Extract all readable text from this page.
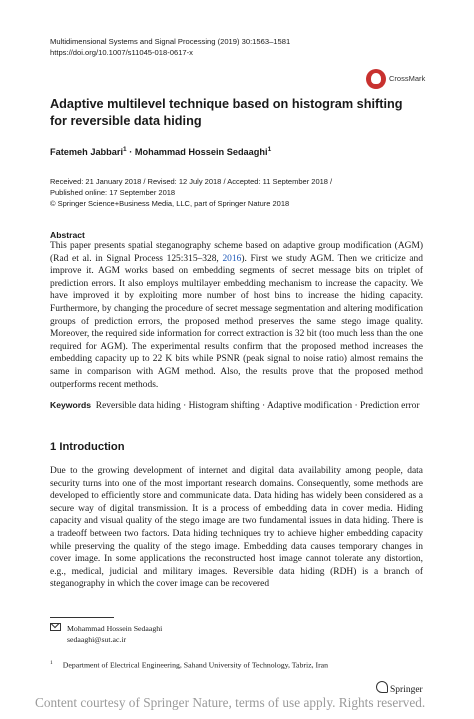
Multidimensional Systems and Signal Processing (2019) 30:1563–1581
https://doi.org/10.1007/s11045-018-0617-x
CrossMark
Adaptive multilevel technique based on histogram shifting
for reversible data hiding
Fatemeh Jabbari$^1$ · Mohammad Hossein Sedaaghi$^1$
Received: 21 January 2018 / Revised: 12 July 2018 / Accepted: 11 September 2018 /
Published online: 17 September 2018
© Springer Science+Business Media, LLC, part of Springer Nature 2018
Abstract
This paper presents spatial steganography scheme based on adaptive group modification (AGM) (Rad et al. in Signal Process 125:315–328, 2016). First we study AGM. Then we criticize and improve it. AGM works based on embedding segments of secret message bits on triplet of prediction errors. It also employs multilayer embedding mechanism to increase the capacity. We have improved it by exploiting more number of host bins to increase the hiding capacity. Furthermore, by changing the procedure of secret message segmentation and altering modification groups of prediction errors, the proposed method preserves the same stego image quality. Moreover, the required side information for correct extraction is 32 bit (too much less than the one required for AGM). The experimental results confirm that the proposed method increases the embedding capacity up to 22 K bits while PSNR (peak signal to noise ratio) almost remains the same in comparison with AGM method. Also, the results prove that the proposed method outperforms recent methods.
Keywords Reversible data hiding · Histogram shifting · Adaptive modification · Prediction error
1 Introduction
Due to the growing development of internet and digital data availability among people, data security turns into one of the most important research domains. Consequently, some methods are developed to efficiently store and communicate data. Data hiding has widely been considered as a secure way of digital transmission. It is a process of embedding data in cover media. Hiding capacity and visual quality of the stego image are two fundamental issues in data hiding. There is a tradeoff between two factors. Data hiding techniques try to achieve higher embedding capacity while preserving the quality of the stego image. Embedding data causes temporary changes in cover image. In some applications the reconstructed host image cannot tolerate any distortion, e.g., medical, judicial and military images. Reversible data hiding (RDH) is a branch of steganography in which the cover image can be recovered
Mohammad Hossein Sedaaghi
sedaaghi@sut.ac.ir
$^1$ Department of Electrical Engineering, Sahand University of Technology, Tabriz, Iran
Springer
Content courtesy of Springer Nature, terms of use apply. Rights reserved.
